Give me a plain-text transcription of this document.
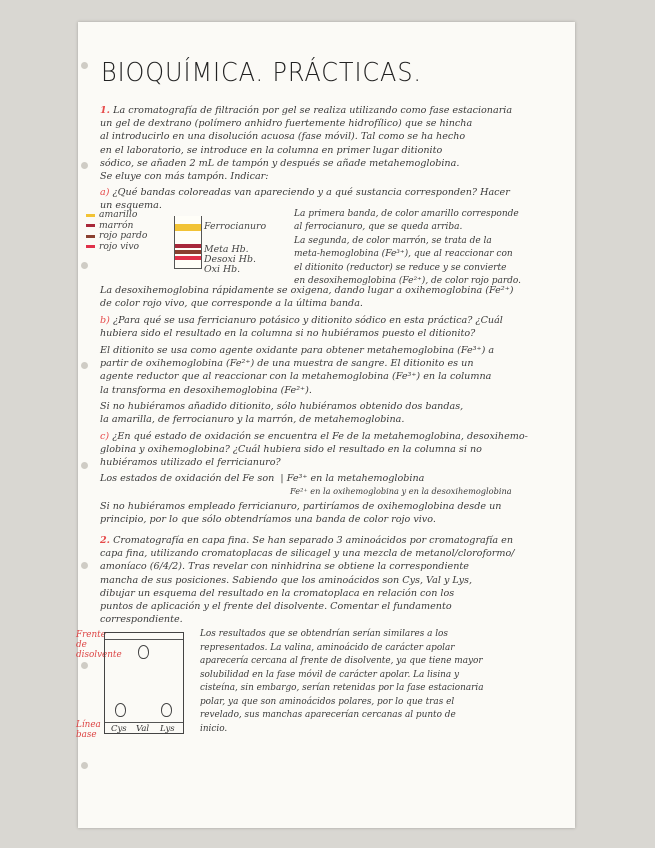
BIOQUÍMICA. PRÁCTICAS.

1. La cromatografía de filtración por gel se realiza utilizando como fase estacionaria

un gel de dextrano (polímero anhidro fuertemente hidrofílico) que se hincha

al introducirlo en una disolución acuosa (fase móvil). Tal como se ha hecho

en el laboratorio, se introduce en la columna en primer lugar ditionito

sódico, se añaden 2 mL de tampón y después se añade metahemoglobina.

Se eluye con más tampón. Indicar:

a) ¿Qué bandas coloreadas van apareciendo y a qué sustancia corresponden? Hacer

un esquema.

amarillo
marrón
rojo pardo
rojo vivo
Ferrocianuro
Meta Hb.
Desoxi Hb.
Oxi Hb.

La primera banda, de color amarillo corresponde

al ferrocianuro, que se queda arriba.

La segunda, de color marrón, se trata de la

meta-hemoglobina (Fe³⁺), que al reaccionar con

el ditionito (reductor) se reduce y se convierte

en desoxihemoglobina (Fe²⁺), de color rojo pardo.

La desoxihemoglobina rápidamente se oxigena, dando lugar a oxihemoglobina (Fe²⁺)

de color rojo vivo, que corresponde a la última banda.

b) ¿Para qué se usa ferricianuro potásico y ditionito sódico en esta práctica? ¿Cuál

hubiera sido el resultado en la columna si no hubiéramos puesto el ditionito?

El ditionito se usa como agente oxidante para obtener metahemoglobina (Fe³⁺) a

partir de oxihemoglobina (Fe²⁺) de una muestra de sangre. El ditionito es un

agente reductor que al reaccionar con la metahemoglobina (Fe³⁺) en la columna

la transforma en desoxihemoglobina (Fe²⁺).

Si no hubiéramos añadido ditionito, sólo hubiéramos obtenido dos bandas,

la amarilla, de ferrocianuro y la marrón, de metahemoglobina.

c) ¿En qué estado de oxidación se encuentra el Fe de la metahemoglobina, desoxihemo-

globina y oxihemoglobina? ¿Cuál hubiera sido el resultado en la columna si no

hubiéramos utilizado el ferricianuro?

Los estados de oxidación del Fe son  | Fe³⁺ en la metahemoglobina

Fe²⁺ en la oxihemoglobina y en la desoxihemoglobina

Si no hubiéramos empleado ferricianuro, partiríamos de oxihemoglobina desde un

principio, por lo que sólo obtendríamos una banda de color rojo vivo.

2. Cromatografía en capa fina. Se han separado 3 aminoácidos por cromatografía en

capa fina, utilizando cromatoplacas de silicagel y una mezcla de metanol/cloroformo/

amoníaco (6/4/2). Tras revelar con ninhidrina se obtiene la correspondiente

mancha de sus posiciones. Sabiendo que los aminoácidos son Cys, Val y Lys,

dibujar un esquema del resultado en la cromatoplaca en relación con los

puntos de aplicación y el frente del disolvente. Comentar el fundamento

correspondiente.

Frente de disolvente
Línea base
Cys Val Lys

Los resultados que se obtendrían serían similares a los

representados. La valina, aminoácido de carácter apolar

aparecería cercana al frente de disolvente, ya que tiene mayor

solubilidad en la fase móvil de carácter apolar. La lisina y

cisteína, sin embargo, serían retenidas por la fase estacionaria

polar, ya que son aminoácidos polares, por lo que tras el

revelado, sus manchas aparecerían cercanas al punto de

inicio.
